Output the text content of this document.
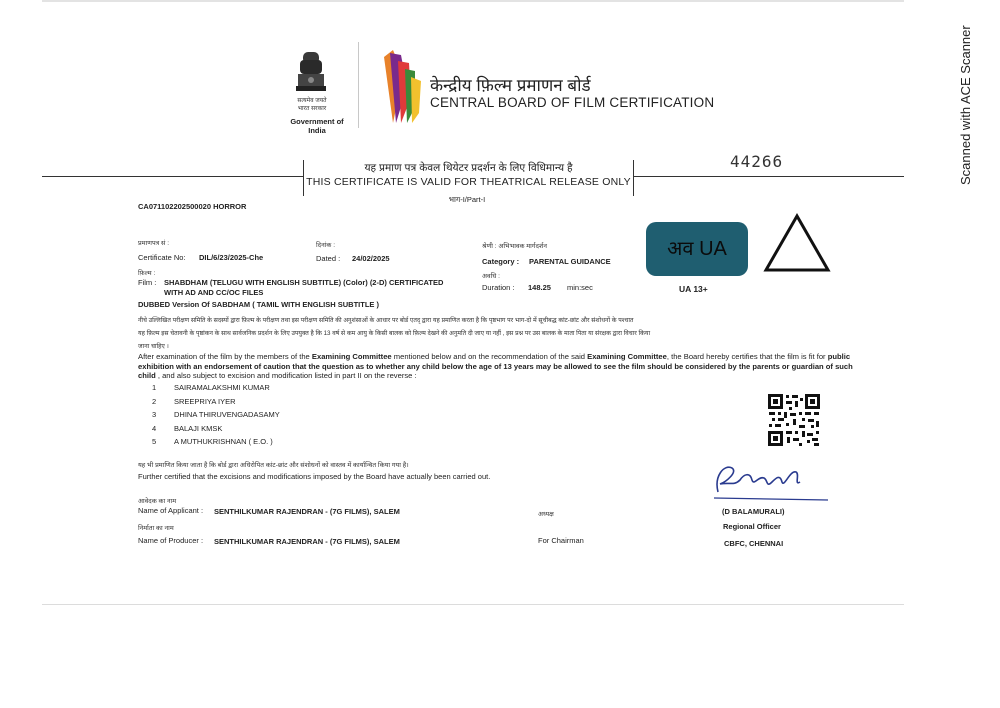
सत्यमेव जयते
भारत सरकार
Government of India
केन्द्रीय फ़िल्म प्रमाणन बोर्ड
CENTRAL BOARD OF FILM CERTIFICATION
यह प्रमाण पत्र केवल थियेटर प्रदर्शन के लिए विधिमान्य है
THIS CERTIFICATE IS VALID FOR THEATRICAL RELEASE ONLY
भाग-I/Part-I
44266
CA071102202500020 HORROR
प्रमाणपत्र सं :
Certificate No: DIL/6/23/2025-Che
दिनांक :
Dated : 24/02/2025
श्रेणी : अभिभावक मार्गदर्शन
Category : PARENTAL GUIDANCE
अवधि :
Duration : 148.25 min:sec
फ़िल्म :
Film : SHABDHAM (TELUGU WITH ENGLISH SUBTITLE) (Color) (2-D) CERTIFICATED
WITH AD AND CC/OC FILES
DUBBED Version Of SABDHAM ( TAMIL WITH ENGLISH SUBTITLE )
अव UA
UA 13+
नीचे उल्लिखित परीक्षण समिति के सदस्यों द्वारा फ़िल्म के परीक्षण तथा इस परीक्षण समिति की अनुशंसाओं के आधार पर बोर्ड एतद् द्वारा यह प्रमाणित करता है कि पृष्ठभाग पर भाग-दो में सूचीबद्ध कांट-छांट और संशोधनों के पश्चात
यह फ़िल्म इस चेतावनी के पृष्ठांकन के साथ सार्वजनिक प्रदर्शन के लिए उपयुक्त है कि 13 वर्ष से कम आयु के किसी बालक को फ़िल्म देखने की अनुमति दी जाए या नहीं , इस प्रश्न पर उस बालक के माता पिता या संरक्षक द्वारा विचार किया
जाना चाहिए ।
After examination of the film by the members of the Examining Committee mentioned below and on the recommendation of the said Examining Committee, the Board hereby certifies that the film is fit for public exhibition with an endorsement of caution that the question as to whether any child below the age of 13 years may be allowed to see the film should be considered by the parents or guardian of such child , and also subject to excision and modification listed in part II on the reverse :
1 SAIRAMALAKSHMI KUMAR
2 SREEPRIYA IYER
3 DHINA THIRUVENGADASAMY
4 BALAJI KMSK
5 A MUTHUKRISHNAN ( E.O. )
यह भी प्रमाणित किया जाता है कि बोर्ड द्वारा अधिरोपित कांट-छांट और संशोधनों को वास्तव में कार्यान्वित किया गया है।
Further certified that the excisions and modifications imposed by the Board have actually been carried out.
आवेदक का नाम
Name of Applicant : SENTHILKUMAR RAJENDRAN - (7G FILMS), SALEM
निर्माता का नाम
Name of Producer : SENTHILKUMAR RAJENDRAN - (7G FILMS), SALEM
अध्यक्ष
For Chairman
(D BALAMURALI)
Regional Officer
CBFC, CHENNAI
Scanned with ACE Scanner
